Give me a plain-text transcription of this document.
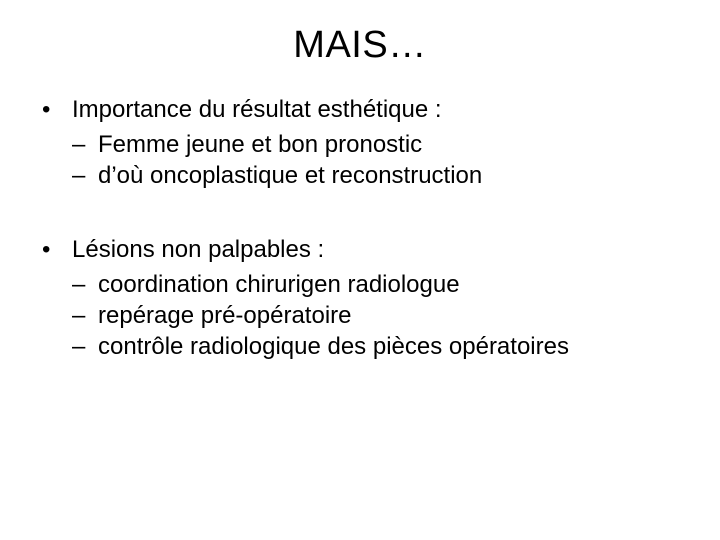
MAIS…
• Importance du résultat esthétique :
– Femme jeune et bon pronostic
– d’où oncoplastique et reconstruction
• Lésions non palpables :
– coordination chirurigen radiologue
– repérage pré-opératoire
– contrôle radiologique des pièces opératoires
